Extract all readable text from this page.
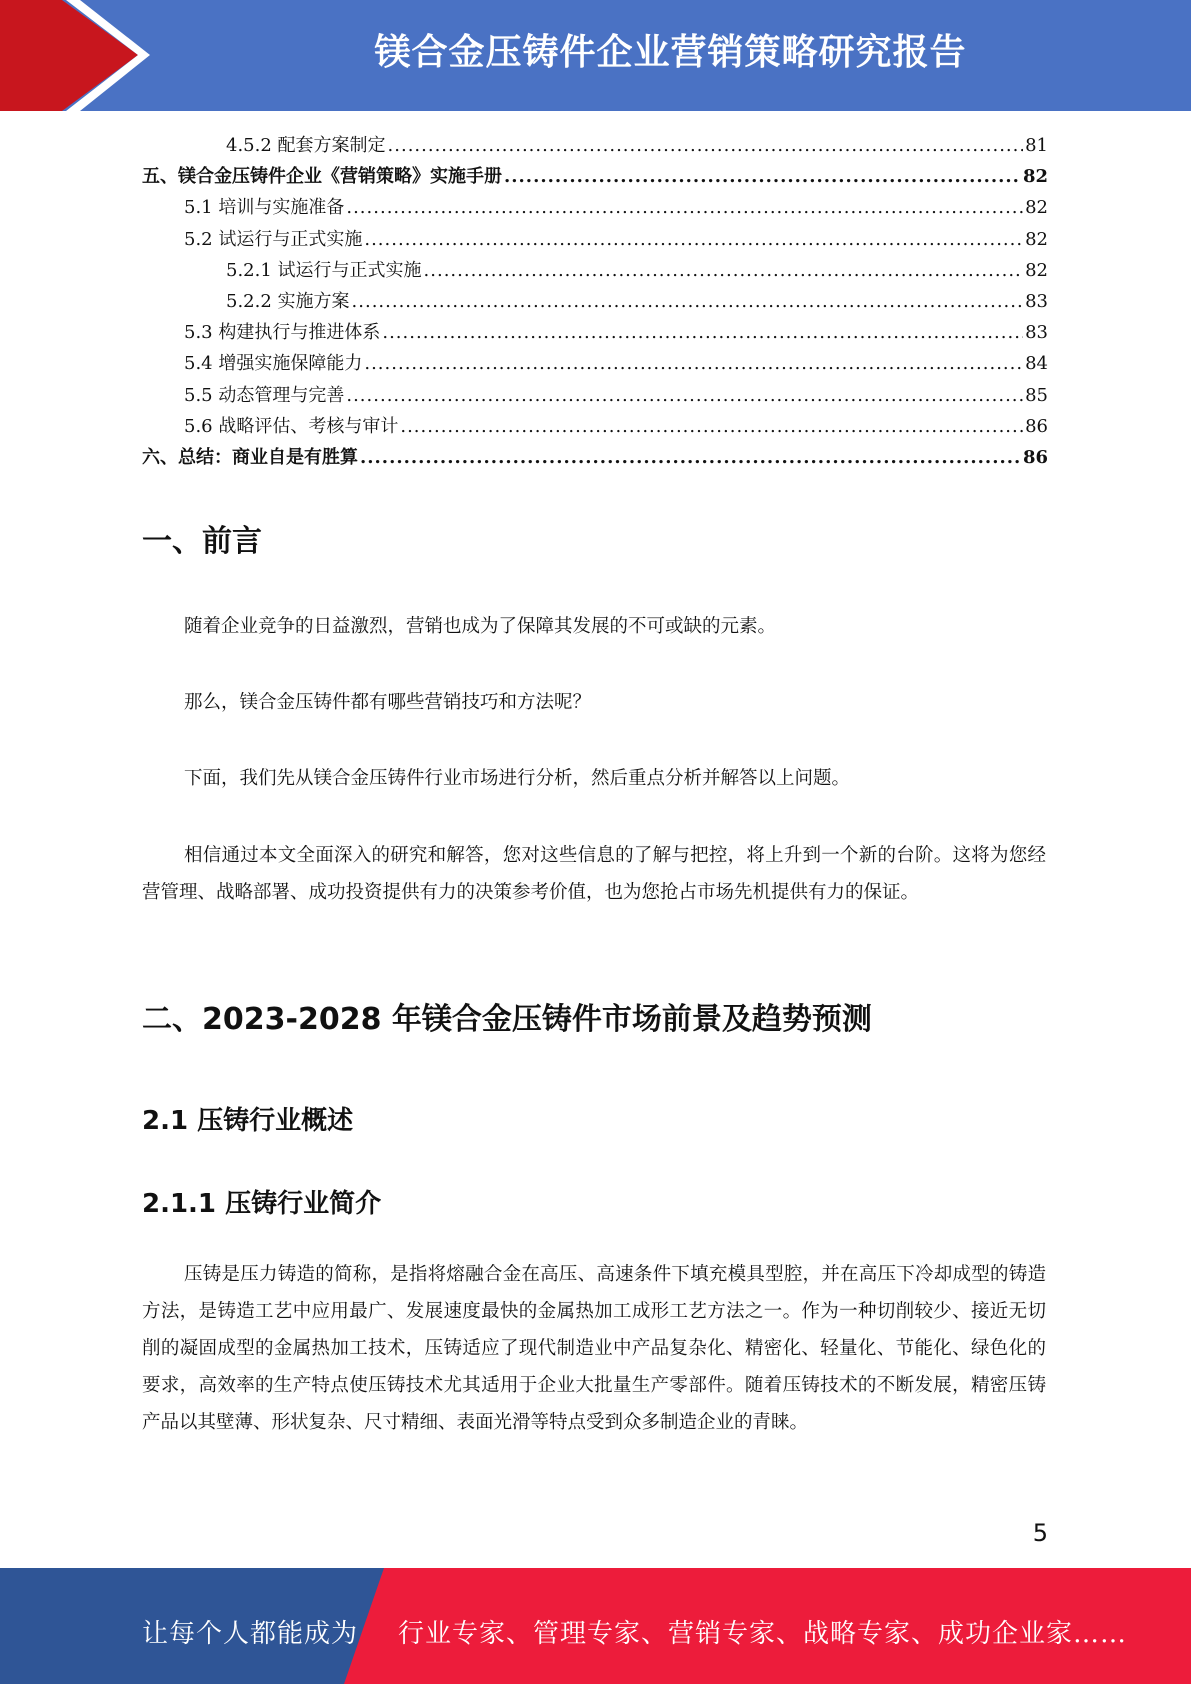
镁合金压铸件企业营销策略研究报告
4.5.2 配套方案制定 .....	81
五、镁合金压铸件企业《营销策略》实施手册 .....	82
5.1 培训与实施准备 .....	82
5.2 试运行与正式实施 .....	82
5.2.1 试运行与正式实施 .....	82
5.2.2 实施方案 .....	83
5.3 构建执行与推进体系 .....	83
5.4 增强实施保障能力 .....	84
5.5 动态管理与完善 .....	85
5.6 战略评估、考核与审计 .....	86
六、总结：商业自是有胜算 .....	86
一、前言

随着企业竞争的日益激烈，营销也成为了保障其发展的不可或缺的元素。

那么，镁合金压铸件都有哪些营销技巧和方法呢？

下面，我们先从镁合金压铸件行业市场进行分析，然后重点分析并解答以上问题。

相信通过本文全面深入的研究和解答，您对这些信息的了解与把控，将上升到一个新的台阶。这将为您经营管理、战略部署、成功投资提供有力的决策参考价值，也为您抢占市场先机提供有力的保证。

二、2023-2028 年镁合金压铸件市场前景及趋势预测
2.1 压铸行业概述
2.1.1 压铸行业简介

压铸是压力铸造的简称，是指将熔融合金在高压、高速条件下填充模具型腔，并在高压下冷却成型的铸造方法，是铸造工艺中应用最广、发展速度最快的金属热加工成形工艺方法之一。作为一种切削较少、接近无切削的凝固成型的金属热加工技术，压铸适应了现代制造业中产品复杂化、精密化、轻量化、节能化、绿色化的要求，高效率的生产特点使压铸技术尤其适用于企业大批量生产零部件。随着压铸技术的不断发展，精密压铸产品以其壁薄、形状复杂、尺寸精细、表面光滑等特点受到众多制造企业的青睐。

5
让每个人都能成为 行业专家、管理专家、营销专家、战略专家、成功企业家……
